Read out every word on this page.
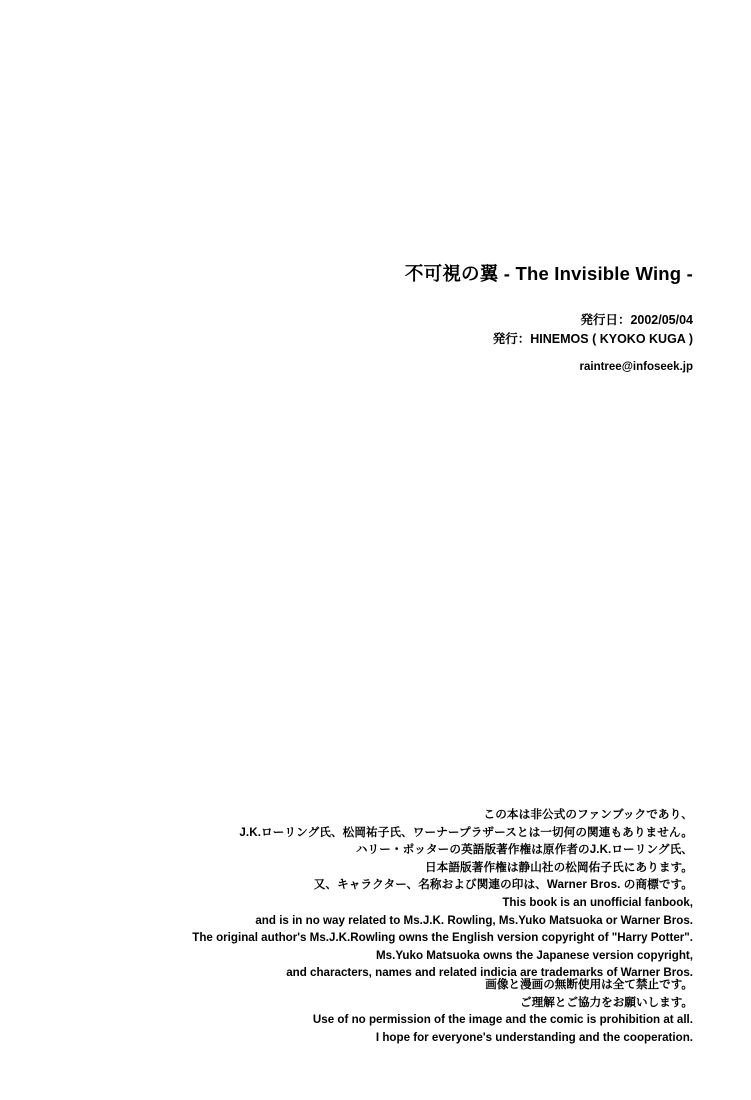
不可視の翼 - The Invisible Wing -
発行日：2002/05/04
発行：HINEMOS ( KYOKO KUGA )
raintree@infoseek.jp
この本は非公式のファンブックであり、
J.K.ローリング氏、松岡祐子氏、ワーナープラザースとは一切何の関連もありません。
ハリー・ポッターの英語版著作権は原作者のJ.K.ローリング氏、
日本語版著作権は静山社の松岡佑子氏にあります。
又、キャラクター、名称および関連の印は、Warner Bros. の商標です。
This book is an unofficial fanbook,
and is in no way related to Ms.J.K. Rowling, Ms.Yuko Matsuoka or Warner Bros.
The original author's Ms.J.K.Rowling owns the English version copyright of "Harry Potter".
Ms.Yuko Matsuoka owns the Japanese version copyright,
and characters, names and related indicia are trademarks of Warner Bros.
画像と漫画の無断使用は全て禁止です。
ご理解とご協力をお願いします。
Use of no permission of the image and the comic is prohibition at all.
I hope for everyone's understanding and the cooperation.
